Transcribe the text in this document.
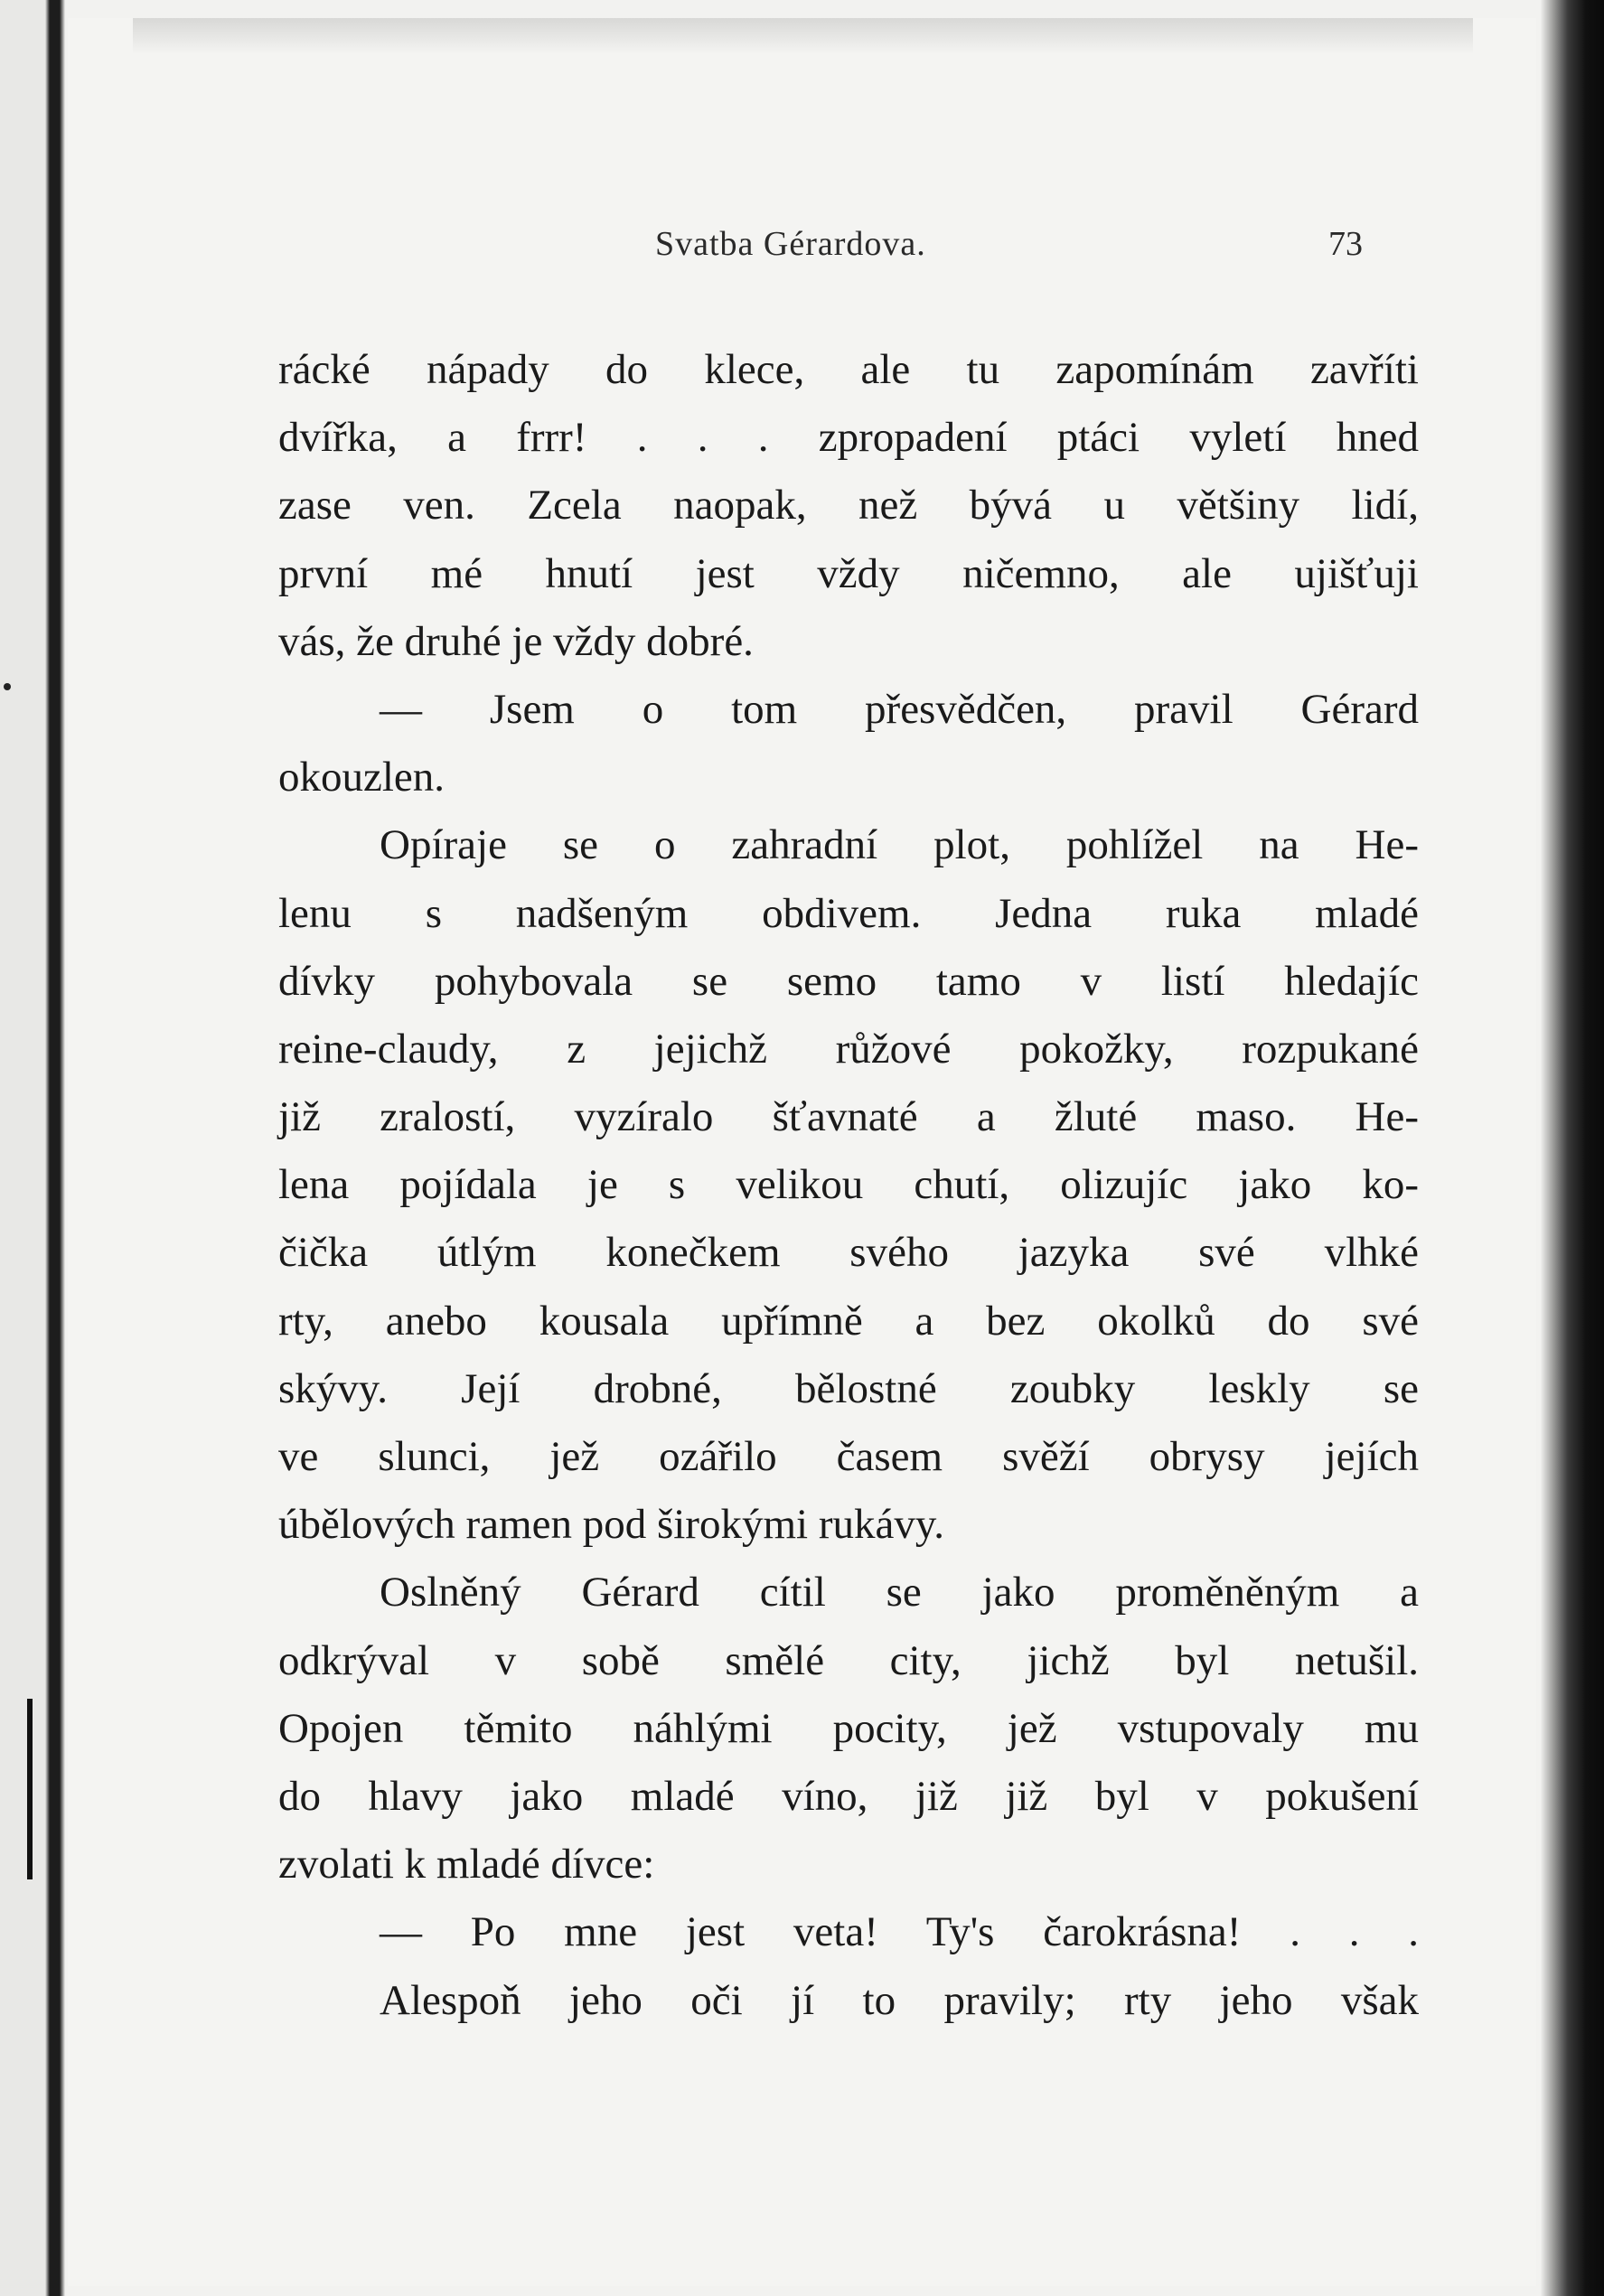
Svatba Gérardova.	73
rácké nápady do klece, ale tu zapomínám zavříti
dvířka, a frrr! . . . zpropadení ptáci vyletí hned
zase ven. Zcela naopak, než bývá u většiny lidí,
první mé hnutí jest vždy ničemno, ale ujišťuji
vás, že druhé je vždy dobré.
— Jsem o tom přesvědčen, pravil Gérard
okouzlen.
Opíraje se o zahradní plot, pohlížel na He-
lenu s nadšeným obdivem. Jedna ruka mladé
dívky pohybovala se semo tamo v listí hledajíc
reine-claudy, z jejichž růžové pokožky, rozpukané
již zralostí, vyzíralo šťavnaté a žluté maso. He-
lena pojídala je s velikou chutí, olizujíc jako ko-
čička útlým konečkem svého jazyka své vlhké
rty, anebo kousala upřímně a bez okolků do své
skývy. Její drobné, bělostné zoubky leskly se
ve slunci, jež ozářilo časem svěží obrysy jejích
úbělových ramen pod širokými rukávy.
Oslněný Gérard cítil se jako proměněným a
odkrýval v sobě smělé city, jichž byl netušil.
Opojen těmito náhlými pocity, jež vstupovaly mu
do hlavy jako mladé víno, již již byl v pokušení
zvolati k mladé dívce:
— Po mne jest veta! Ty's čarokrásna! . . .
Alespoň jeho oči jí to pravily; rty jeho však
